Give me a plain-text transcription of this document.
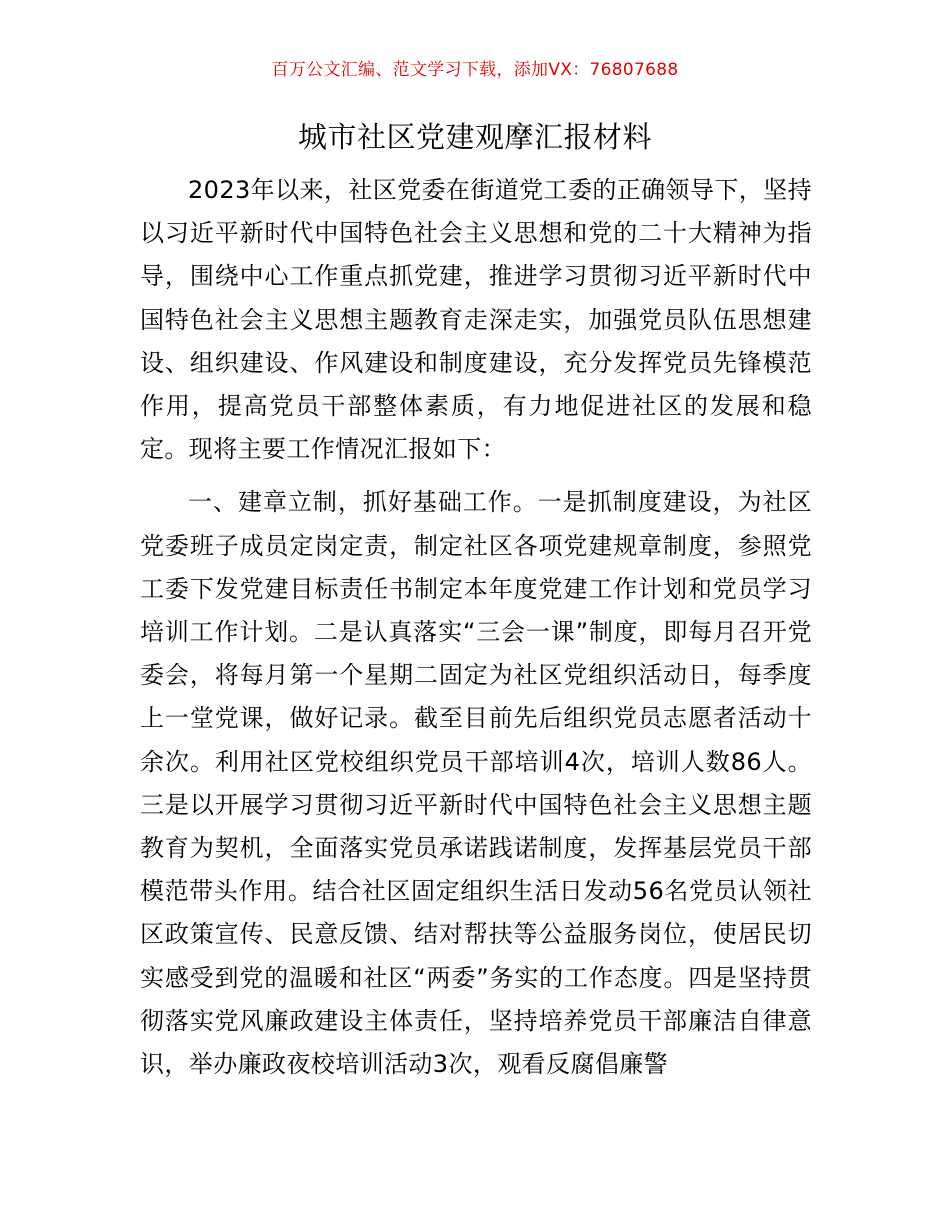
百万公文汇编、范文学习下载，添加VX：76807688
城市社区党建观摩汇报材料

2023年以来，社区党委在街道党工委的正确领导下，坚持以习近平新时代中国特色社会主义思想和党的二十大精神为指导，围绕中心工作重点抓党建，推进学习贯彻习近平新时代中国特色社会主义思想主题教育走深走实，加强党员队伍思想建设、组织建设、作风建设和制度建设，充分发挥党员先锋模范作用，提高党员干部整体素质，有力地促进社区的发展和稳定。现将主要工作情况汇报如下：

一、建章立制，抓好基础工作。一是抓制度建设，为社区党委班子成员定岗定责，制定社区各项党建规章制度，参照党工委下发党建目标责任书制定本年度党建工作计划和党员学习培训工作计划。二是认真落实“三会一课”制度，即每月召开党委会，将每月第一个星期二固定为社区党组织活动日，每季度上一堂党课，做好记录。截至目前先后组织党员志愿者活动十余次。利用社区党校组织党员干部培训4次，培训人数86人。三是以开展学习贯彻习近平新时代中国特色社会主义思想主题教育为契机，全面落实党员承诺践诺制度，发挥基层党员干部模范带头作用。结合社区固定组织生活日发动56名党员认领社区政策宣传、民意反馈、结对帮扶等公益服务岗位，使居民切实感受到党的温暖和社区“两委”务实的工作态度。四是坚持贯彻落实党风廉政建设主体责任，坚持培养党员干部廉洁自律意识，举办廉政夜校培训活动3次，观看反腐倡廉警
